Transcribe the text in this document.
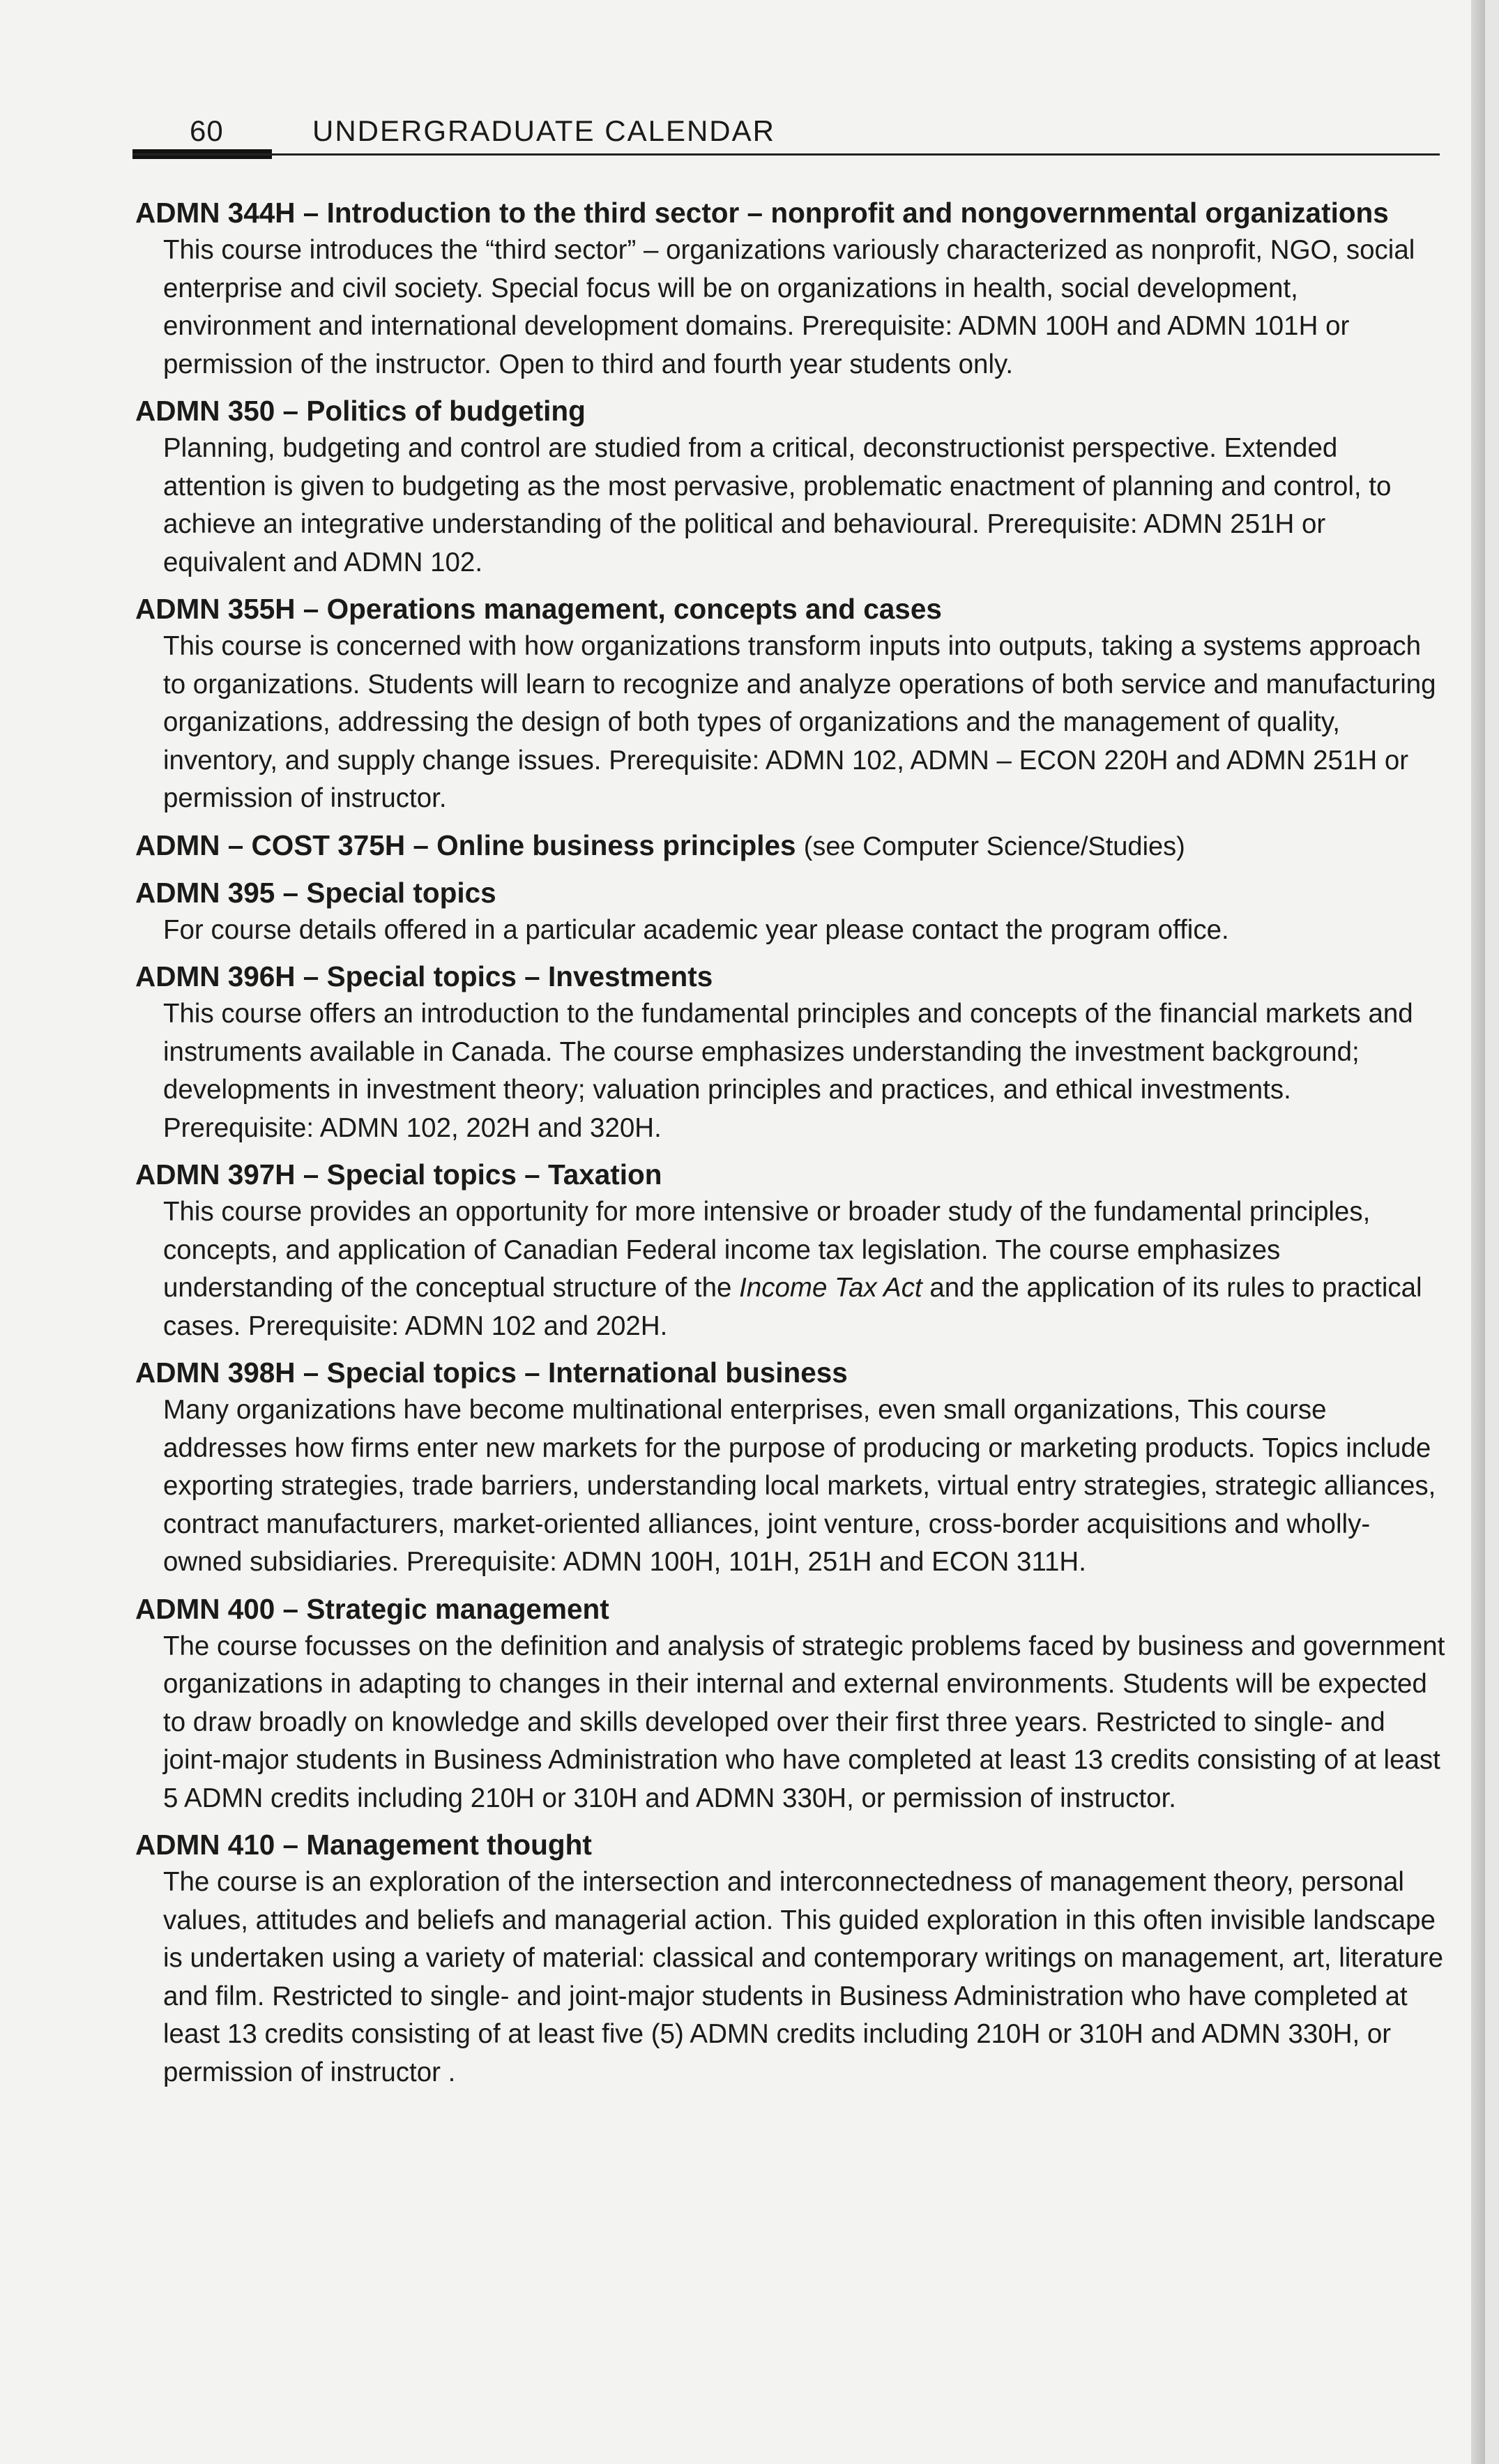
60	UNDERGRADUATE CALENDAR
ADMN 344H – Introduction to the third sector – nonprofit and nongovernmental organizations

This course introduces the “third sector” – organizations variously characterized as nonprofit, NGO, social enterprise and civil society. Special focus will be on organizations in health, social development, environment and international development domains. Prerequisite: ADMN 100H and ADMN 101H or permission of the instructor. Open to third and fourth year students only.

ADMN 350 – Politics of budgeting

Planning, budgeting and control are studied from a critical, deconstructionist perspective. Extended attention is given to budgeting as the most pervasive, problematic enactment of planning and control, to achieve an integrative understanding of the political and behavioural. Prerequisite: ADMN 251H or equivalent and ADMN 102.

ADMN 355H – Operations management, concepts and cases

This course is concerned with how organizations transform inputs into outputs, taking a systems approach to organizations. Students will learn to recognize and analyze operations of both service and manufacturing organizations, addressing the design of both types of organizations and the management of quality, inventory, and supply change issues. Prerequisite: ADMN 102, ADMN – ECON 220H and ADMN 251H or permission of instructor.

ADMN – COST 375H – Online business principles (see Computer Science/Studies)
ADMN 395 – Special topics

For course details offered in a particular academic year please contact the program office.

ADMN 396H – Special topics – Investments

This course offers an introduction to the fundamental principles and concepts of the financial markets and instruments available in Canada. The course emphasizes understanding the investment background; developments in investment theory; valuation principles and practices, and ethical investments. Prerequisite: ADMN 102, 202H and 320H.

ADMN 397H – Special topics – Taxation

This course provides an opportunity for more intensive or broader study of the fundamental principles, concepts, and application of Canadian Federal income tax legislation. The course emphasizes understanding of the conceptual structure of the Income Tax Act and the application of its rules to practical cases. Prerequisite: ADMN 102 and 202H.

ADMN 398H – Special topics – International business

Many organizations have become multinational enterprises, even small organizations, This course addresses how firms enter new markets for the purpose of producing or marketing products. Topics include exporting strategies, trade barriers, understanding local markets, virtual entry strategies, strategic alliances, contract manufacturers, market-oriented alliances, joint venture, cross-border acquisitions and wholly-owned subsidiaries. Prerequisite: ADMN 100H, 101H, 251H and ECON 311H.

ADMN 400 – Strategic management

The course focusses on the definition and analysis of strategic problems faced by business and government organizations in adapting to changes in their internal and external environments. Students will be expected to draw broadly on knowledge and skills developed over their first three years. Restricted to single- and joint-major students in Business Administration who have completed at least 13 credits consisting of at least 5 ADMN credits including 210H or 310H and ADMN 330H, or permission of instructor.

ADMN 410 – Management thought

The course is an exploration of the intersection and interconnectedness of management theory, personal values, attitudes and beliefs and managerial action. This guided exploration in this often invisible landscape is undertaken using a variety of material: classical and contemporary writings on management, art, literature and film. Restricted to single- and joint-major students in Business Administration who have completed at least 13 credits consisting of at least five (5) ADMN credits including 210H or 310H and ADMN 330H, or permission of instructor .
